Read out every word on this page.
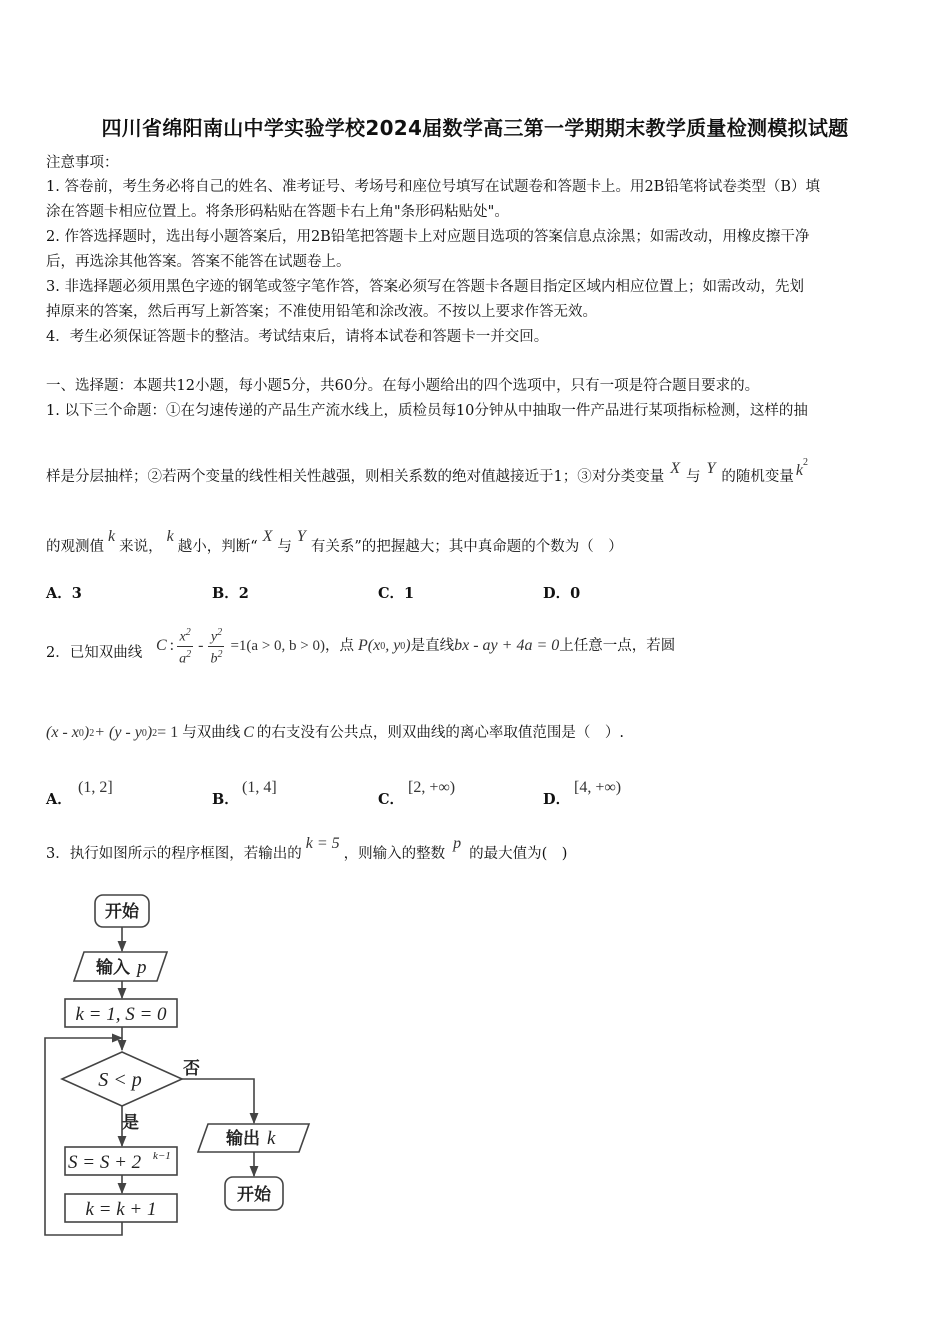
四川省绵阳南山中学实验学校2024届数学高三第一学期期末教学质量检测模拟试题
注意事项：
1. 答卷前，考生务必将自己的姓名、准考证号、考场号和座位号填写在试题卷和答题卡上。用2B铅笔将试卷类型（B）填
涂在答题卡相应位置上。将条形码粘贴在答题卡右上角"条形码粘贴处"。
2. 作答选择题时，选出每小题答案后，用2B铅笔把答题卡上对应题目选项的答案信息点涂黑；如需改动，用橡皮擦干净
后，再选涂其他答案。答案不能答在试题卷上。
3. 非选择题必须用黑色字迹的钢笔或签字笔作答，答案必须写在答题卡各题目指定区域内相应位置上；如需改动，先划
掉原来的答案，然后再写上新答案；不准使用铅笔和涂改液。不按以上要求作答无效。
4．考生必须保证答题卡的整洁。考试结束后，请将本试卷和答题卡一并交回。
一、选择题：本题共12小题，每小题5分，共60分。在每小题给出的四个选项中，只有一项是符合题目要求的。
1. 以下三个命题：①在匀速传递的产品生产流水线上，质检员每10分钟从中抽取一件产品进行某项指标检测，这样的抽
样是分层抽样；②若两个变量的线性相关性越强，则相关系数的绝对值越接近于1；③对分类变量 X 与 Y 的随机变量 $k^2$
的观测值k来说，k越小，判断“X与Y有关系”的把握越大；其中真命题的个数为（　）
A．3	B．2	C．1	D．0
2．已知双曲线 C : $\frac{x^2}{a^2} - \frac{y^2}{b^2} =1(a > 0$, b > 0) ，点 P(x 0 , y 0 ) 是直线 bx - ay + 4a = 0 上任意一点，若圆
(x - x 0 ) 2 + (y - y 0 ) 2 = 1 与双曲线 C 的右支没有公共点，则双曲线的离心率取值范围是（　）.
A．
(1, 2]
B．
(1, 4]
C．
[2, +∞)
D．
[4, +∞)
3．执行如图所示的程序框图，若输出的
k = 5
，则输入的整数
p
的最大值为(　)
开始
输入 p
k = 1, S = 0
S < p
否
是
S = S + 2 k−1
k = k + 1
输出 k
开始
